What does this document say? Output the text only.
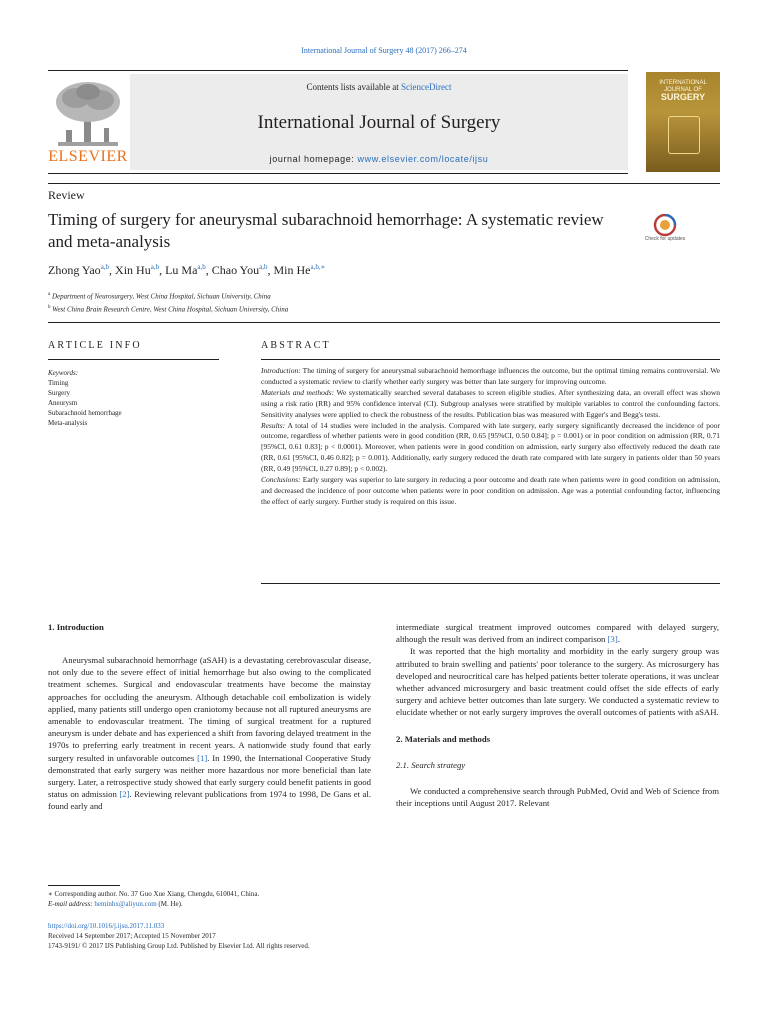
International Journal of Surgery 48 (2017) 266–274
ELSEVIER
Contents lists available at ScienceDirect
International Journal of Surgery
journal homepage: www.elsevier.com/locate/ijsu
INTERNATIONAL JOURNAL OF
SURGERY
Review
Timing of surgery for aneurysmal subarachnoid hemorrhage: A systematic review and meta-analysis	Check for updates
Zhong Yao$^{a,b}$, Xin Hu$^{a,b}$, Lu Ma$^{a,b}$, Chao You$^{a,b}$, Min $He^{a,b,∗}$
$^a$ Department of Neurosurgery, West China Hospital, Sichuan University, China
$^b$ West China Brain Research Centre, West China Hospital, Sichuan University, China
ARTICLE INFO	ABSTRACT
Keywords:
Timing
Surgery
Aneurysm
Subarachnoid hemorrhage
Meta-analysis

Introduction: The timing of surgery for aneurysmal subarachnoid hemorrhage influences the outcome, but the optimal timing remains controversial. We conducted a systematic review to clarify whether early surgery was better than late surgery for improving outcome.

Materials and methods: We systematically searched several databases to screen eligible studies. After synthesizing data, an overall effect was shown using a risk ratio (RR) and 95% confidence interval (CI). Subgroup analyses were stratified by multiple variables to control the confounding factors. Sensitivity analyses were applied to check the robustness of the results. Publication bias was measured with Egger's and Begg's tests.

Results: A total of 14 studies were included in the analysis. Compared with late surgery, early surgery significantly decreased the incidence of poor outcome, regardless of whether patients were in good condition (RR, 0.65 [95%CI, 0.50 0.84]; p = 0.001) or in poor condition on admission (RR, 0.71 [95%CI, 0.61 0.83]; p < 0.0001). Moreover, when patients were in good condition on admission, early surgery also effectively reduced the death rate (RR, 0.61 [95%CI, 0.46 0.82]; p = 0.001). Additionally, early surgery reduced the death rate compared with late surgery in patients older than 50 years (RR, 0.49 [95%CI, 0.27 0.89]; p < 0.002).

Conclusions: Early surgery was superior to late surgery in reducing a poor outcome and death rate when patients were in good condition on admission, and decreased the incidence of poor outcome when patients were in poor condition on admission. Age was a potential confounding factor, influencing the effect of early surgery. Further study is required on this issue.

1. Introduction

Aneurysmal subarachnoid hemorrhage (aSAH) is a devastating cerebrovascular disease, not only due to the severe effect of initial hemorrhage but also owing to the complicated treatment schemes. Surgical and endovascular treatments have become the mainstay approaches for occluding the aneurysm. Although detachable coil embolization is widely applied, many patients still undergo open craniotomy because not all ruptured aneurysms are amenable to endovascular treatment. The timing of surgical treatment for a ruptured aneurysm is under debate and has experienced a shift from favoring delayed treatment in the 1970s to preferring early treatment in recent years. A nationwide study found that early surgery resulted in unfavorable outcomes [1]. In 1990, the International Cooperative Study demonstrated that early surgery was neither more hazardous nor more beneficial than late surgery. Later, a retrospective study showed that early surgery could benefit patients in good status on admission [2]. Reviewing relevant publications from 1974 to 1998, De Gans et al. found early and

intermediate surgical treatment improved outcomes compared with delayed surgery, although the result was derived from an indirect comparison [3].

It was reported that the high mortality and morbidity in the early surgery group was attributed to brain swelling and patients' poor tolerance to the surgery. As microsurgery has developed and neurocritical care has helped patients better tolerate operations, it was unclear whether advanced microsurgery and basic treatment could offset the side effects of early surgery and achieve better outcomes than late surgery. We conducted a systematic review to elucidate whether or not early surgery improves the overall outcomes of patients with aSAH.

2. Materials and methods
2.1. Search strategy

We conducted a comprehensive search through PubMed, Ovid and Web of Science from their inceptions until August 2017. Relevant

∗ Corresponding author. No. 37 Guo Xue Xiang, Chengdu, 610041, China.
E-mail address: heminhx@aliyun.com (M. He).
https://doi.org/10.1016/j.ijsu.2017.11.033
Received 14 September 2017; Accepted 15 November 2017
1743-9191/ © 2017 IJS Publishing Group Ltd. Published by Elsevier Ltd. All rights reserved.
